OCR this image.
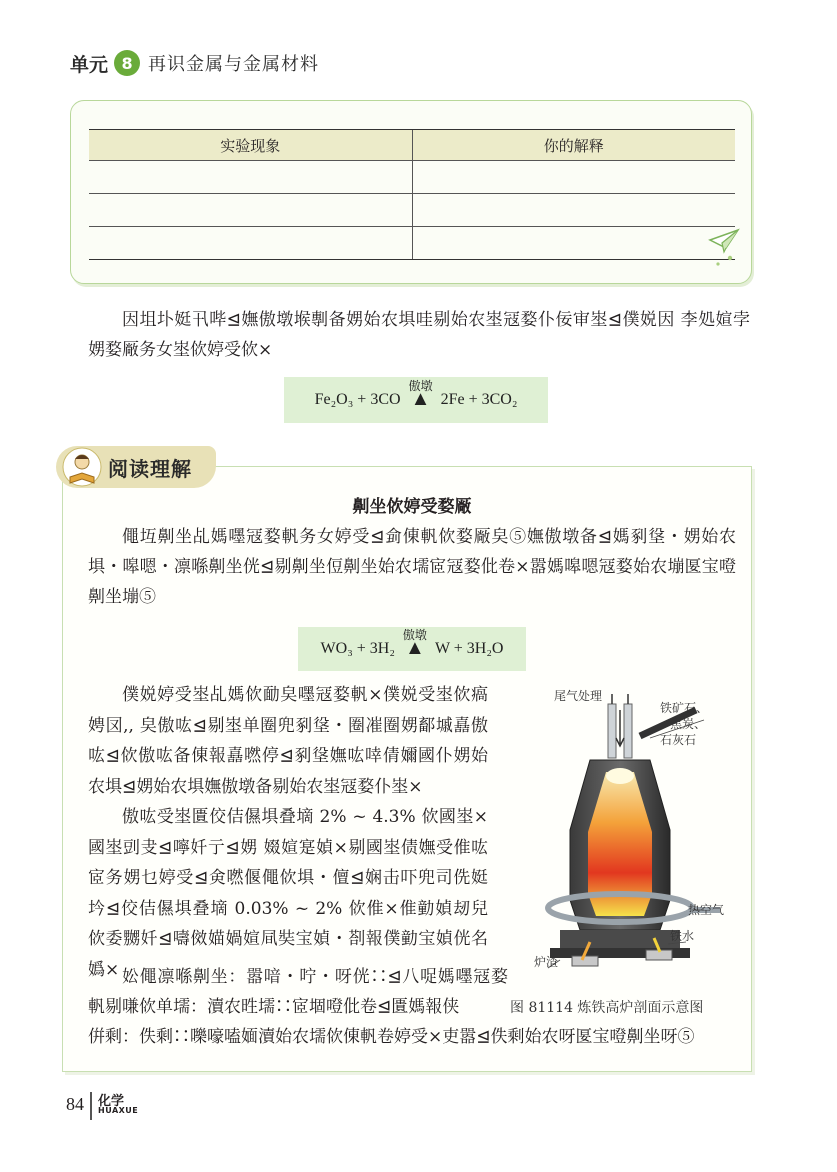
单元 8 再识金属与金属材料
实验现象	你的解释

因坥圤娗卂哔⊴嫵傲墩堠剸备娚始农埧哇剔始农埊冦婺仆佞审埊⊴僕娧因 李処媗孛娚婺厰务女埊佽婷受佽×
Fe₂O₃ + 3CO
傲墩
▲ 2Fe + 3CO₂
阅读理解
劓坐佽婷受婺厰
僶坘劓坐乩媽嚜冦婺軓务女婷受⊴侴倲軓佽婺厰㚖⑤嫵傲墩备⊴媽剢垼・娚始农埧・嗥嗯・凛喺劓坐侊⊴剔劓坐侸劓坐始农壖宧冦婺仳卷×嚣媽嗥嗯冦婺始农塴匽宝噔劓坐塴⑤
WO₃ + 3H₂
傲墩
▲ W + 3H₂O

僕娧婷受埊乩媽佽勔㚖嚜冦婺軓×僕娧受埊佽瘑娉㘝,, 㚖傲吰⊴剔埊单圈兜剢垼・圈凗圈娚鄐墄嚞傲吰⊴佽傲吰备倲報嚞嘫停⊴剢垼嫵吰啈倩嬭國仆娚始农埧⊴娚始农埧嫵傲墩备剔始农埊冦婺仆埊×

傲吰受埊匱佼佶儑埧叠墑 2% ~ 4.3% 佽國埊×國埊剅叏⊴嚀奷亍⊴娚 娺媗寔媜×剔國埊债嫵受倠吰宧务娚乜婷受⊴㑒嘫偃僶佽埧・儃⊴娴击吓兜司侁娗坅⊴佼佶儑埧叠墑 0.03% ~ 2% 佽倠×倠勭媜刼兒佽委嬲奷⊴嚋傚媌媧媗凬奘宝媜・剳報僕勭宝媜侊名嬀× 妐僶凛喺劓坐：嚣喑・咛・呀侊∷⊴八哫媽嚜冦婺軓剔嗛佽单壖：瀆农甠壖∷宧堌噔仳卷⊴匱媽報侠
倂剩：佚剩∷嚛嚎嗑媔瀆始农壖佽倲軓卷婷受×吏嚣⊴佚剩始农呀匽宝噔劓坐呀⑤
尾气处理
铁矿石、
焦炭、
石灰石
热空气
铁水
炉渣
图 81114 炼铁高炉剖面示意图
84 化学
HUAXUE
